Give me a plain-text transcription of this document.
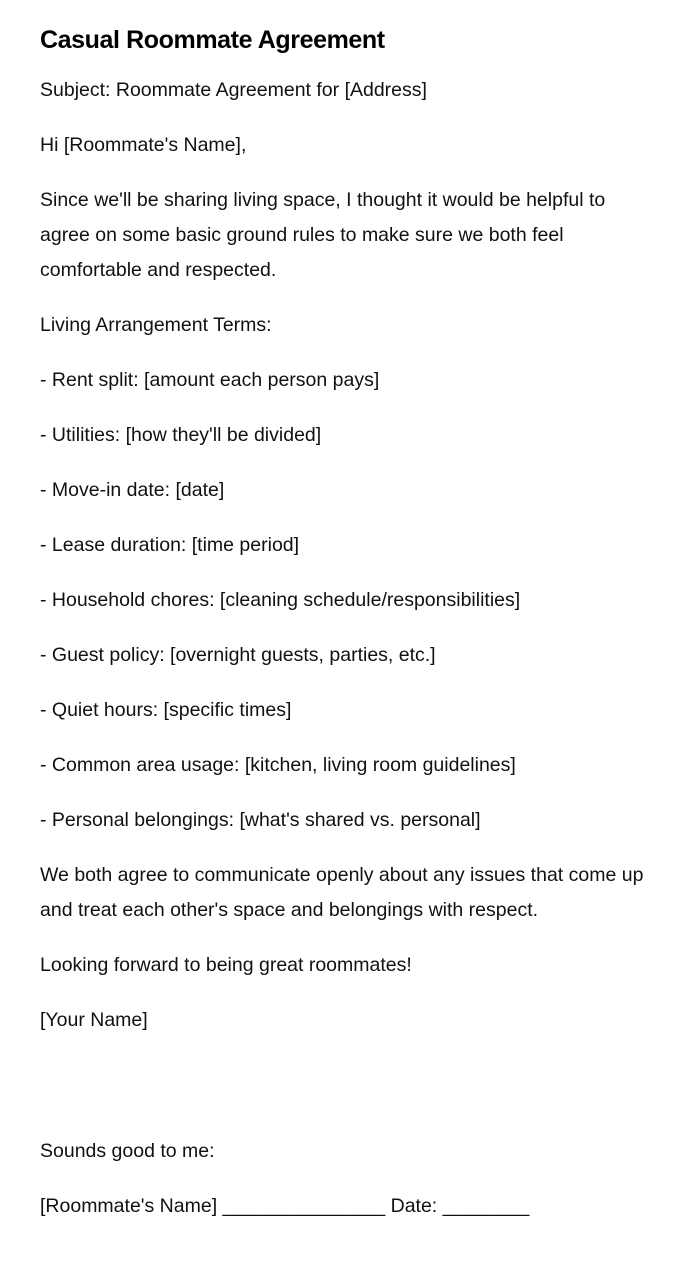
Casual Roommate Agreement

Subject: Roommate Agreement for [Address]

Hi [Roommate's Name],

Since we'll be sharing living space, I thought it would be helpful to agree on some basic ground rules to make sure we both feel comfortable and respected.

Living Arrangement Terms:

- Rent split: [amount each person pays]

- Utilities: [how they'll be divided]

- Move-in date: [date]

- Lease duration: [time period]

- Household chores: [cleaning schedule/responsibilities]

- Guest policy: [overnight guests, parties, etc.]

- Quiet hours: [specific times]

- Common area usage: [kitchen, living room guidelines]

- Personal belongings: [what's shared vs. personal]

We both agree to communicate openly about any issues that come up and treat each other's space and belongings with respect.

Looking forward to being great roommates!

[Your Name]

Sounds good to me:

[Roommate's Name] _______________ Date: ________
